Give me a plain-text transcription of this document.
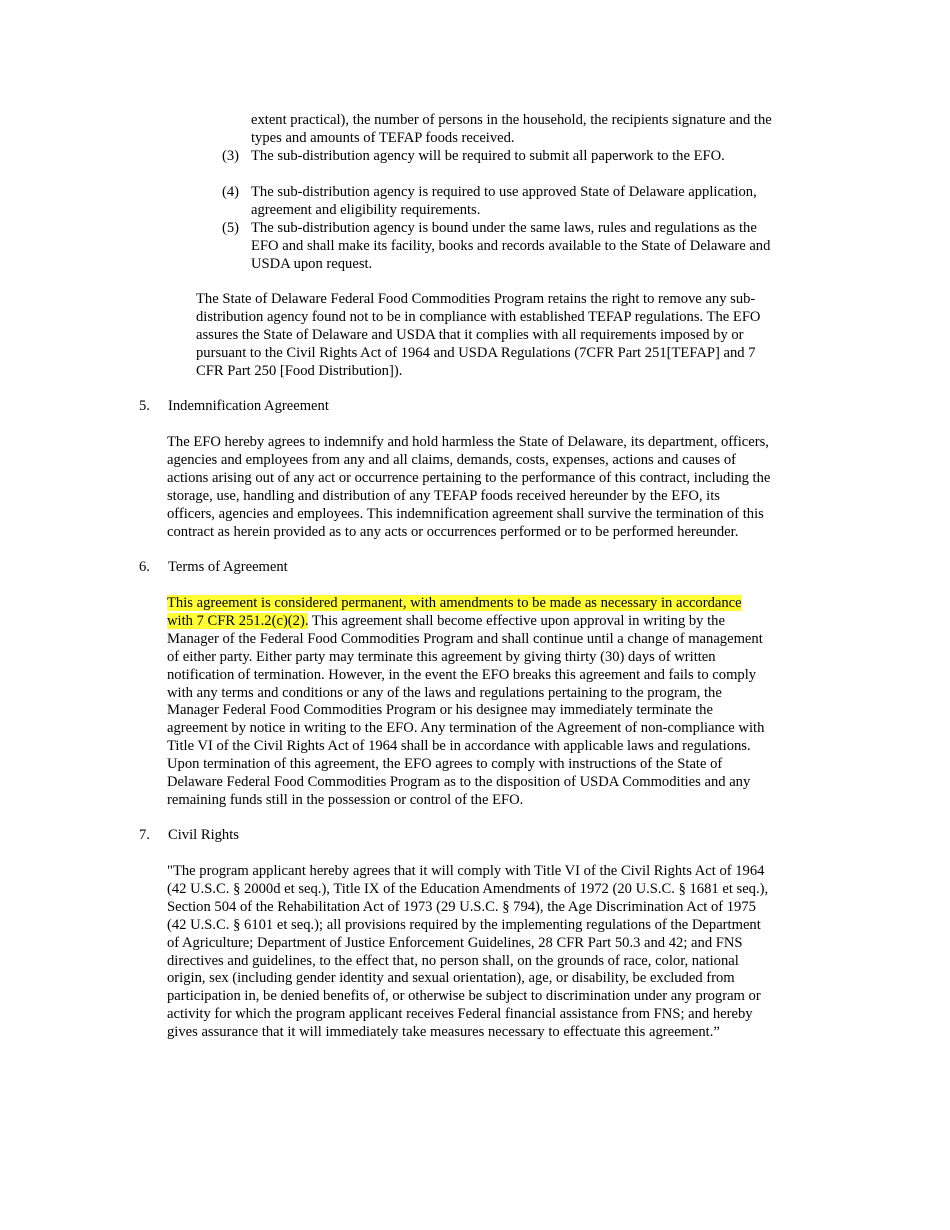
extent practical), the number of persons in the household, the recipients signature and the
types and amounts of TEFAP foods received.
(3) The sub-distribution agency will be required to submit all paperwork to the EFO.
(4) The sub-distribution agency is required to use approved State of Delaware application,
agreement and eligibility requirements.
(5) The sub-distribution agency is bound under the same laws, rules and regulations as the
EFO and shall make its facility, books and records available to the State of Delaware and
USDA upon request.
The State of Delaware Federal Food Commodities Program retains the right to remove any sub-
distribution agency found not to be in compliance with established TEFAP regulations. The EFO
assures the State of Delaware and USDA that it complies with all requirements imposed by or
pursuant to the Civil Rights Act of 1964 and USDA Regulations (7CFR Part 251[TEFAP] and 7
CFR Part 250 [Food Distribution]).
5. Indemnification Agreement
The EFO hereby agrees to indemnify and hold harmless the State of Delaware, its department, officers,
agencies and employees from any and all claims, demands, costs, expenses, actions and causes of
actions arising out of any act or occurrence pertaining to the performance of this contract, including the
storage, use, handling and distribution of any TEFAP foods received hereunder by the EFO, its
officers, agencies and employees. This indemnification agreement shall survive the termination of this
contract as herein provided as to any acts or occurrences performed or to be performed hereunder.
6. Terms of Agreement
This agreement is considered permanent, with amendments to be made as necessary in accordance
with 7 CFR 251.2(c)(2). This agreement shall become effective upon approval in writing by the
Manager of the Federal Food Commodities Program and shall continue until a change of management
of either party. Either party may terminate this agreement by giving thirty (30) days of written
notification of termination. However, in the event the EFO breaks this agreement and fails to comply
with any terms and conditions or any of the laws and regulations pertaining to the program, the
Manager Federal Food Commodities Program or his designee may immediately terminate the
agreement by notice in writing to the EFO. Any termination of the Agreement of non-compliance with
Title VI of the Civil Rights Act of 1964 shall be in accordance with applicable laws and regulations.
Upon termination of this agreement, the EFO agrees to comply with instructions of the State of
Delaware Federal Food Commodities Program as to the disposition of USDA Commodities and any
remaining funds still in the possession or control of the EFO.
7. Civil Rights
"The program applicant hereby agrees that it will comply with Title VI of the Civil Rights Act of 1964
(42 U.S.C. § 2000d et seq.), Title IX of the Education Amendments of 1972 (20 U.S.C. § 1681 et seq.),
Section 504 of the Rehabilitation Act of 1973 (29 U.S.C. § 794), the Age Discrimination Act of 1975
(42 U.S.C. § 6101 et seq.); all provisions required by the implementing regulations of the Department
of Agriculture; Department of Justice Enforcement Guidelines, 28 CFR Part 50.3 and 42; and FNS
directives and guidelines, to the effect that, no person shall, on the grounds of race, color, national
origin, sex (including gender identity and sexual orientation), age, or disability, be excluded from
participation in, be denied benefits of, or otherwise be subject to discrimination under any program or
activity for which the program applicant receives Federal financial assistance from FNS; and hereby
gives assurance that it will immediately take measures necessary to effectuate this agreement.”
